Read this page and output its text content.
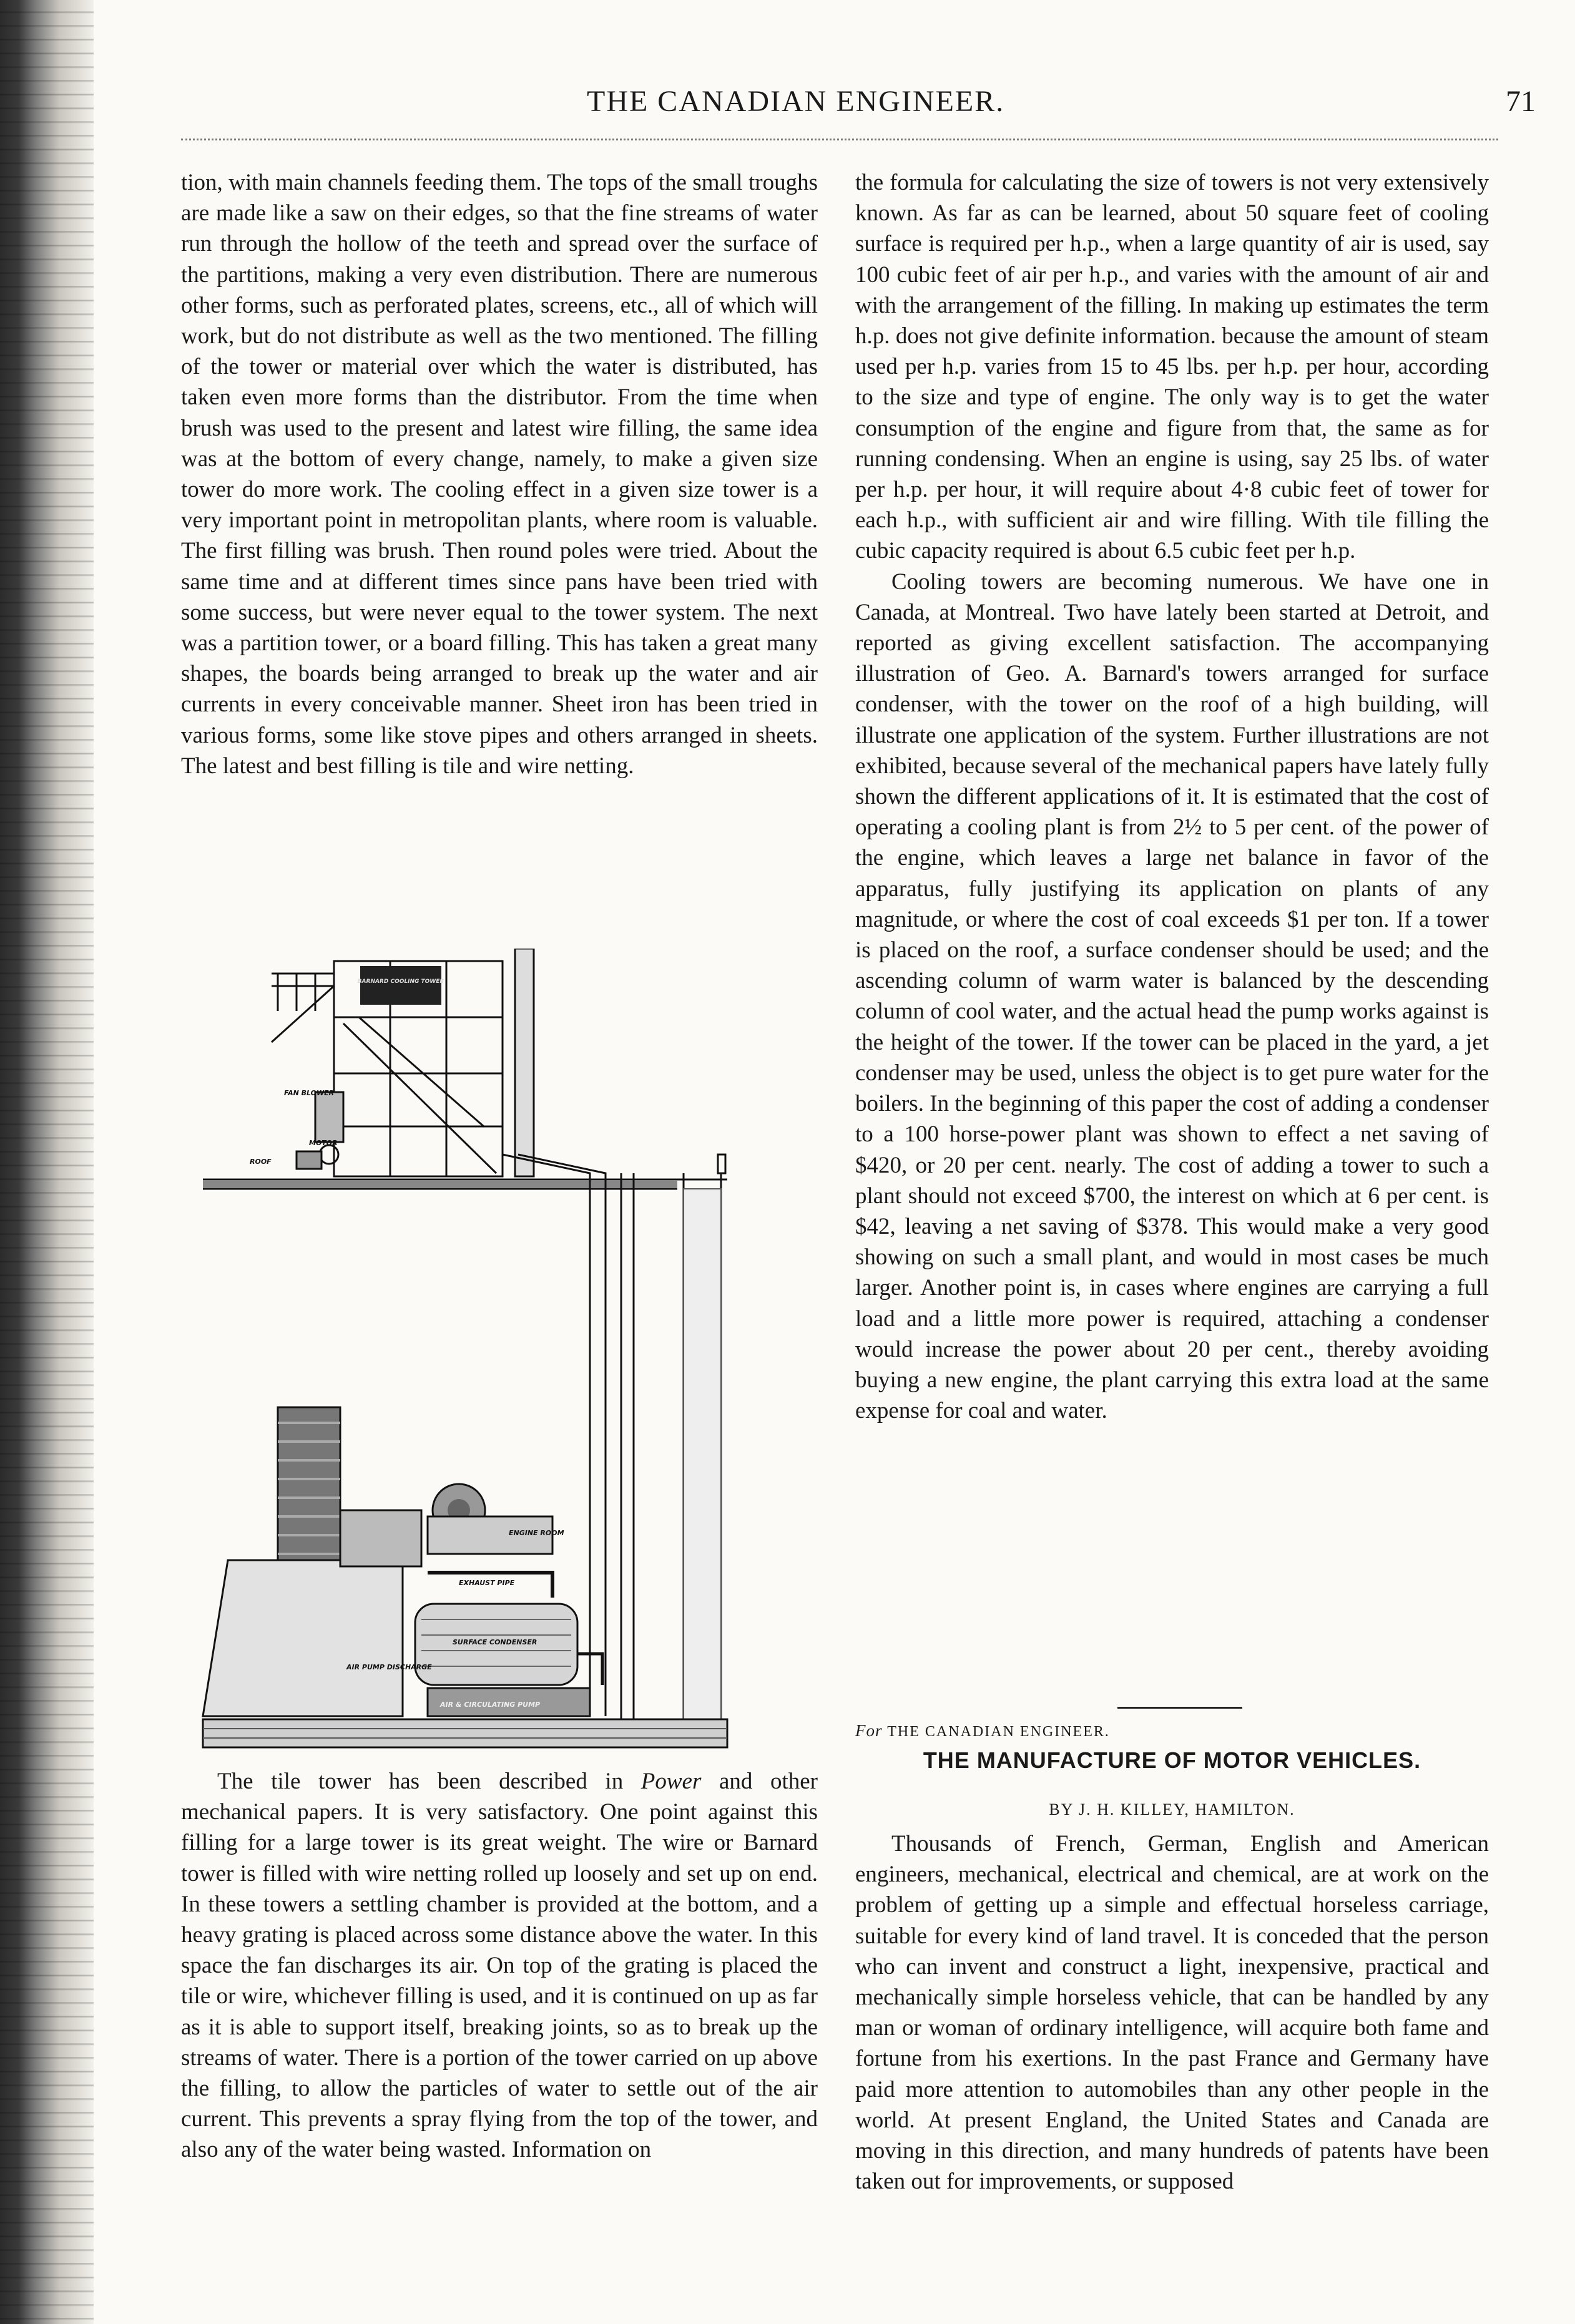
THE CANADIAN ENGINEER.	71

tion, with main channels feeding them. The tops of the small troughs are made like a saw on their edges, so that the fine streams of water run through the hollow of the teeth and spread over the surface of the partitions, making a very even distribution. There are numerous other forms, such as perforated plates, screens, etc., all of which will work, but do not distribute as well as the two mentioned. The filling of the tower or material over which the water is distributed, has taken even more forms than the distributor. From the time when brush was used to the present and latest wire filling, the same idea was at the bottom of every change, namely, to make a given size tower do more work. The cooling effect in a given size tower is a very important point in metropolitan plants, where room is valuable. The first filling was brush. Then round poles were tried. About the same time and at different times since pans have been tried with some success, but were never equal to the tower system. The next was a partition tower, or a board filling. This has taken a great many shapes, the boards being arranged to break up the water and air currents in every conceivable manner. Sheet iron has been tried in various forms, some like stove pipes and others arranged in sheets. The latest and best filling is tile and wire netting.

BARNARD COOLING TOWER
ROOF
FAN BLOWER
MOTOR
ENGINE ROOM
EXHAUST PIPE
AIR PUMP DISCHARGE
SURFACE CONDENSER
AIR & CIRCULATING PUMP

The tile tower has been described in Power and other mechanical papers. It is very satisfactory. One point against this filling for a large tower is its great weight. The wire or Barnard tower is filled with wire netting rolled up loosely and set up on end. In these towers a settling chamber is provided at the bottom, and a heavy grating is placed across some distance above the water. In this space the fan discharges its air. On top of the grating is placed the tile or wire, whichever filling is used, and it is continued on up as far as it is able to support itself, breaking joints, so as to break up the streams of water. There is a portion of the tower carried on up above the filling, to allow the particles of water to settle out of the air current. This prevents a spray flying from the top of the tower, and also any of the water being wasted. Information on

the formula for calculating the size of towers is not very extensively known. As far as can be learned, about 50 square feet of cooling surface is required per h.p., when a large quantity of air is used, say 100 cubic feet of air per h.p., and varies with the amount of air and with the arrangement of the filling. In making up estimates the term h.p. does not give definite information. because the amount of steam used per h.p. varies from 15 to 45 lbs. per h.p. per hour, according to the size and type of engine. The only way is to get the water consumption of the engine and figure from that, the same as for running condensing. When an engine is using, say 25 lbs. of water per h.p. per hour, it will require about 4·8 cubic feet of tower for each h.p., with sufficient air and wire filling. With tile filling the cubic capacity required is about 6.5 cubic feet per h.p.

Cooling towers are becoming numerous. We have one in Canada, at Montreal. Two have lately been started at Detroit, and reported as giving excellent satisfaction. The accompanying illustration of Geo. A. Barnard's towers arranged for surface condenser, with the tower on the roof of a high building, will illustrate one application of the system. Further illustrations are not exhibited, because several of the mechanical papers have lately fully shown the different applications of it. It is estimated that the cost of operating a cooling plant is from 2½ to 5 per cent. of the power of the engine, which leaves a large net balance in favor of the apparatus, fully justifying its application on plants of any magnitude, or where the cost of coal exceeds $1 per ton. If a tower is placed on the roof, a surface condenser should be used; and the ascending column of warm water is balanced by the descending column of cool water, and the actual head the pump works against is the height of the tower. If the tower can be placed in the yard, a jet condenser may be used, unless the object is to get pure water for the boilers. In the beginning of this paper the cost of adding a condenser to a 100 horse-power plant was shown to effect a net saving of $420, or 20 per cent. nearly. The cost of adding a tower to such a plant should not exceed $700, the interest on which at 6 per cent. is $42, leaving a net saving of $378. This would make a very good showing on such a small plant, and would in most cases be much larger. Another point is, in cases where engines are carrying a full load and a little more power is required, attaching a condenser would increase the power about 20 per cent., thereby avoiding buying a new engine, the plant carrying this extra load at the same expense for coal and water.

For THE CANADIAN ENGINEER.
THE MANUFACTURE OF MOTOR VEHICLES.
BY J. H. KILLEY, HAMILTON.

Thousands of French, German, English and American engineers, mechanical, electrical and chemical, are at work on the problem of getting up a simple and effectual horseless carriage, suitable for every kind of land travel. It is conceded that the person who can invent and construct a light, inexpensive, practical and mechanically simple horseless vehicle, that can be handled by any man or woman of ordinary intelligence, will acquire both fame and fortune from his exertions. In the past France and Germany have paid more attention to automobiles than any other people in the world. At present England, the United States and Canada are moving in this direction, and many hundreds of patents have been taken out for improvements, or supposed
